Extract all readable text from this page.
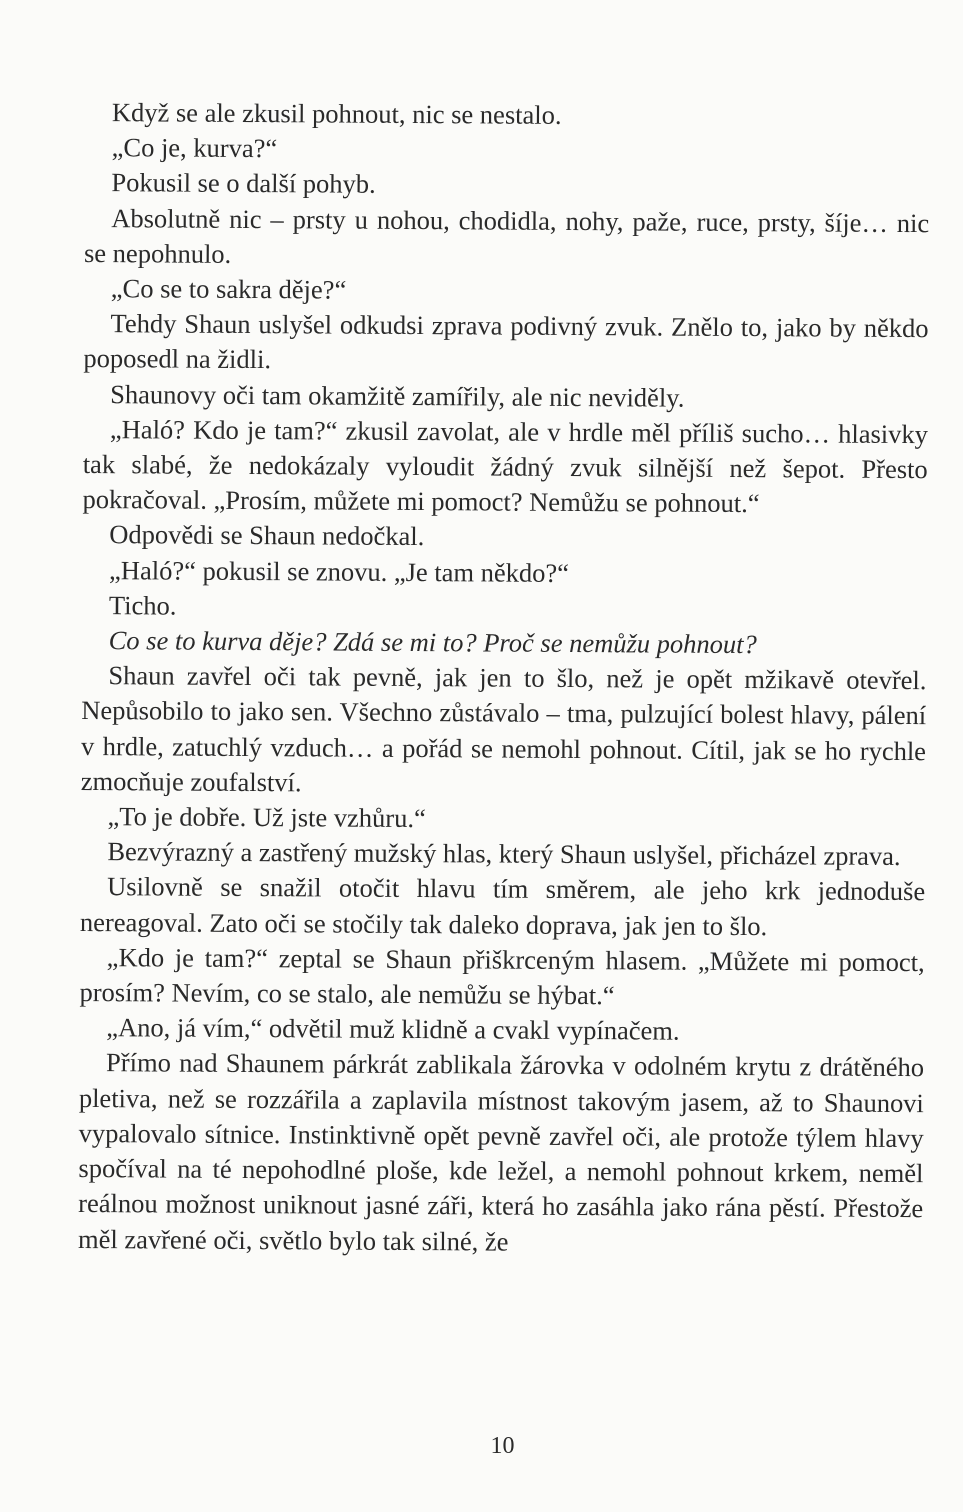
Když se ale zkusil pohnout, nic se nestalo.

„Co je, kurva?“

Pokusil se o další pohyb.

Absolutně nic – prsty u nohou, chodidla, nohy, paže, ruce, prsty, šíje… nic se nepohnulo.

„Co se to sakra děje?“

Tehdy Shaun uslyšel odkudsi zprava podivný zvuk. Znělo to, jako by někdo poposedl na židli.

Shaunovy oči tam okamžitě zamířily, ale nic neviděly.

„Haló? Kdo je tam?“ zkusil zavolat, ale v hrdle měl příliš sucho… hlasivky tak slabé, že nedokázaly vyloudit žádný zvuk silnější než šepot. Přesto pokračoval. „Prosím, můžete mi pomoct? Nemůžu se pohnout.“

Odpovědi se Shaun nedočkal.

„Haló?“ pokusil se znovu. „Je tam někdo?“

Ticho.

Co se to kurva děje? Zdá se mi to? Proč se nemůžu pohnout?

Shaun zavřel oči tak pevně, jak jen to šlo, než je opět mžikavě otevřel. Nepůsobilo to jako sen. Všechno zůstávalo – tma, pulzující bolest hlavy, pálení v hrdle, zatuchlý vzduch… a pořád se nemohl pohnout. Cítil, jak se ho rychle zmocňuje zoufalství.

„To je dobře. Už jste vzhůru.“

Bezvýrazný a zastřený mužský hlas, který Shaun uslyšel, přicházel zprava.

Usilovně se snažil otočit hlavu tím směrem, ale jeho krk jednoduše nereagoval. Zato oči se stočily tak daleko doprava, jak jen to šlo.

„Kdo je tam?“ zeptal se Shaun přiškrceným hlasem. „Můžete mi pomoct, prosím? Nevím, co se stalo, ale nemůžu se hýbat.“

„Ano, já vím,“ odvětil muž klidně a cvakl vypínačem.

Přímo nad Shaunem párkrát zablikala žárovka v odolném krytu z drátěného pletiva, než se rozzářila a zaplavila místnost takovým jasem, až to Shaunovi vypalovalo sítnice. Instinktivně opět pevně zavřel oči, ale protože týlem hlavy spočíval na té nepohodlné ploše, kde ležel, a nemohl pohnout krkem, neměl reálnou možnost uniknout jasné záři, která ho zasáhla jako rána pěstí. Přestože měl zavřené oči, světlo bylo tak silné, že

10
